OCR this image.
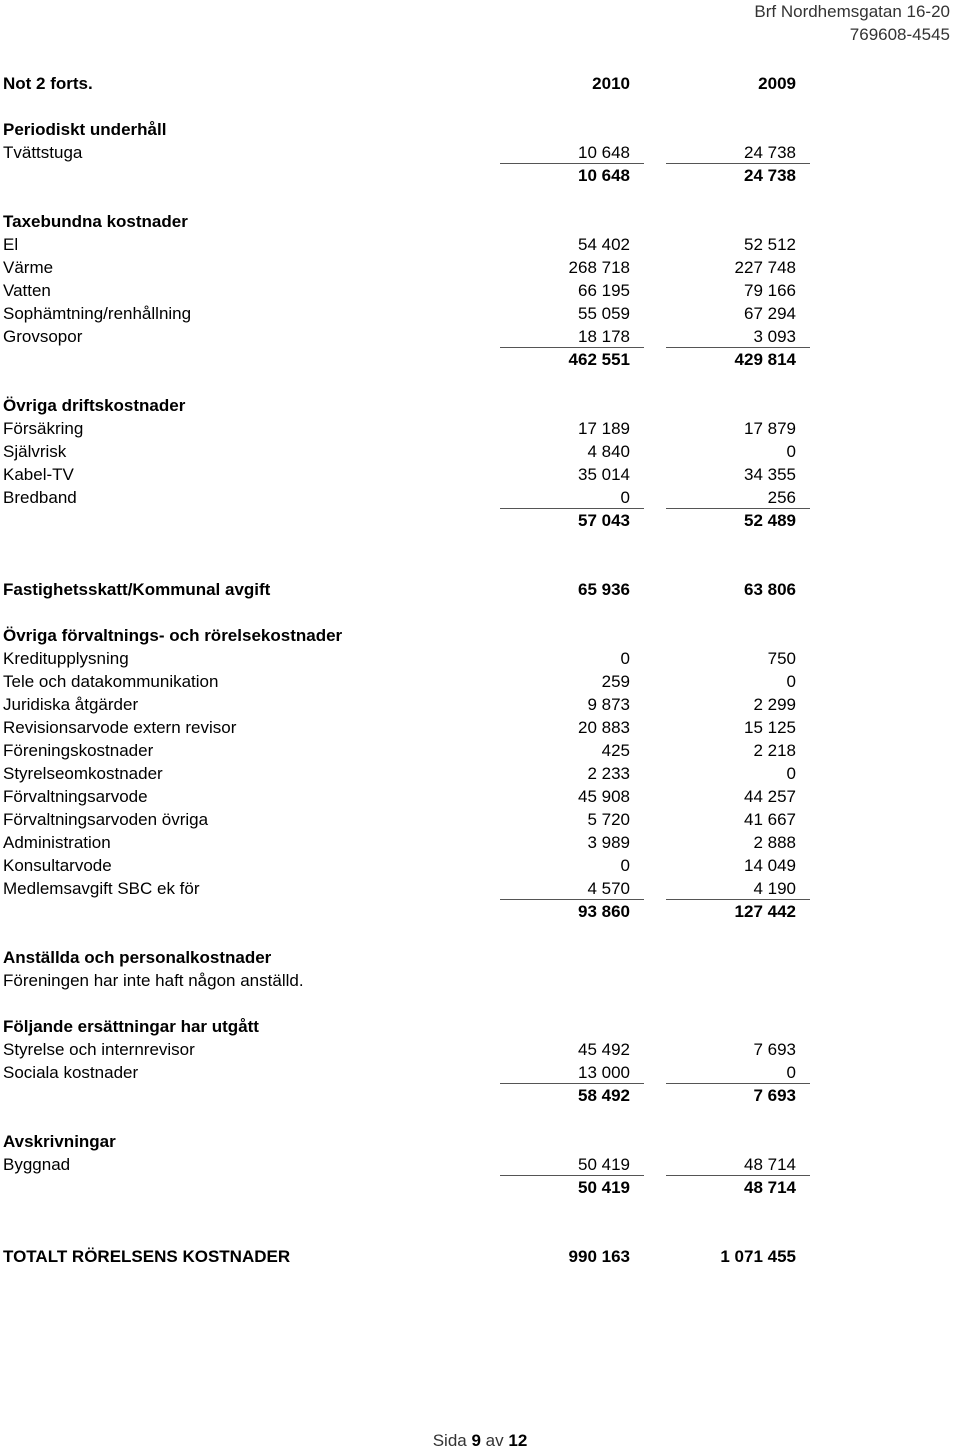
Brf Nordhemsgatan 16-20
769608-4545
Not 2 forts.	2010	2009
Periodiskt underhåll
Tvättstuga	10 648	24 738
10 648	24 738
Taxebundna kostnader
El	54 402	52 512
Värme	268 718	227 748
Vatten	66 195	79 166
Sophämtning/renhållning	55 059	67 294
Grovsopor	18 178	3 093
462 551	429 814
Övriga driftskostnader
Försäkring	17 189	17 879
Självrisk	4 840	0
Kabel-TV	35 014	34 355
Bredband	0	256
57 043	52 489
Fastighetsskatt/Kommunal avgift	65 936	63 806
Övriga förvaltnings- och rörelsekostnader
Kreditupplysning	0	750
Tele och datakommunikation	259	0
Juridiska åtgärder	9 873	2 299
Revisionsarvode extern revisor	20 883	15 125
Föreningskostnader	425	2 218
Styrelseomkostnader	2 233	0
Förvaltningsarvode	45 908	44 257
Förvaltningsarvoden övriga	5 720	41 667
Administration	3 989	2 888
Konsultarvode	0	14 049
Medlemsavgift SBC ek för	4 570	4 190
93 860	127 442
Anställda och personalkostnader
Föreningen har inte haft någon anställd.
Följande ersättningar har utgått
Styrelse och internrevisor	45 492	7 693
Sociala kostnader	13 000	0
58 492	7 693
Avskrivningar
Byggnad	50 419	48 714
50 419	48 714
TOTALT RÖRELSENS KOSTNADER	990 163	1 071 455
Sida 9 av 12
